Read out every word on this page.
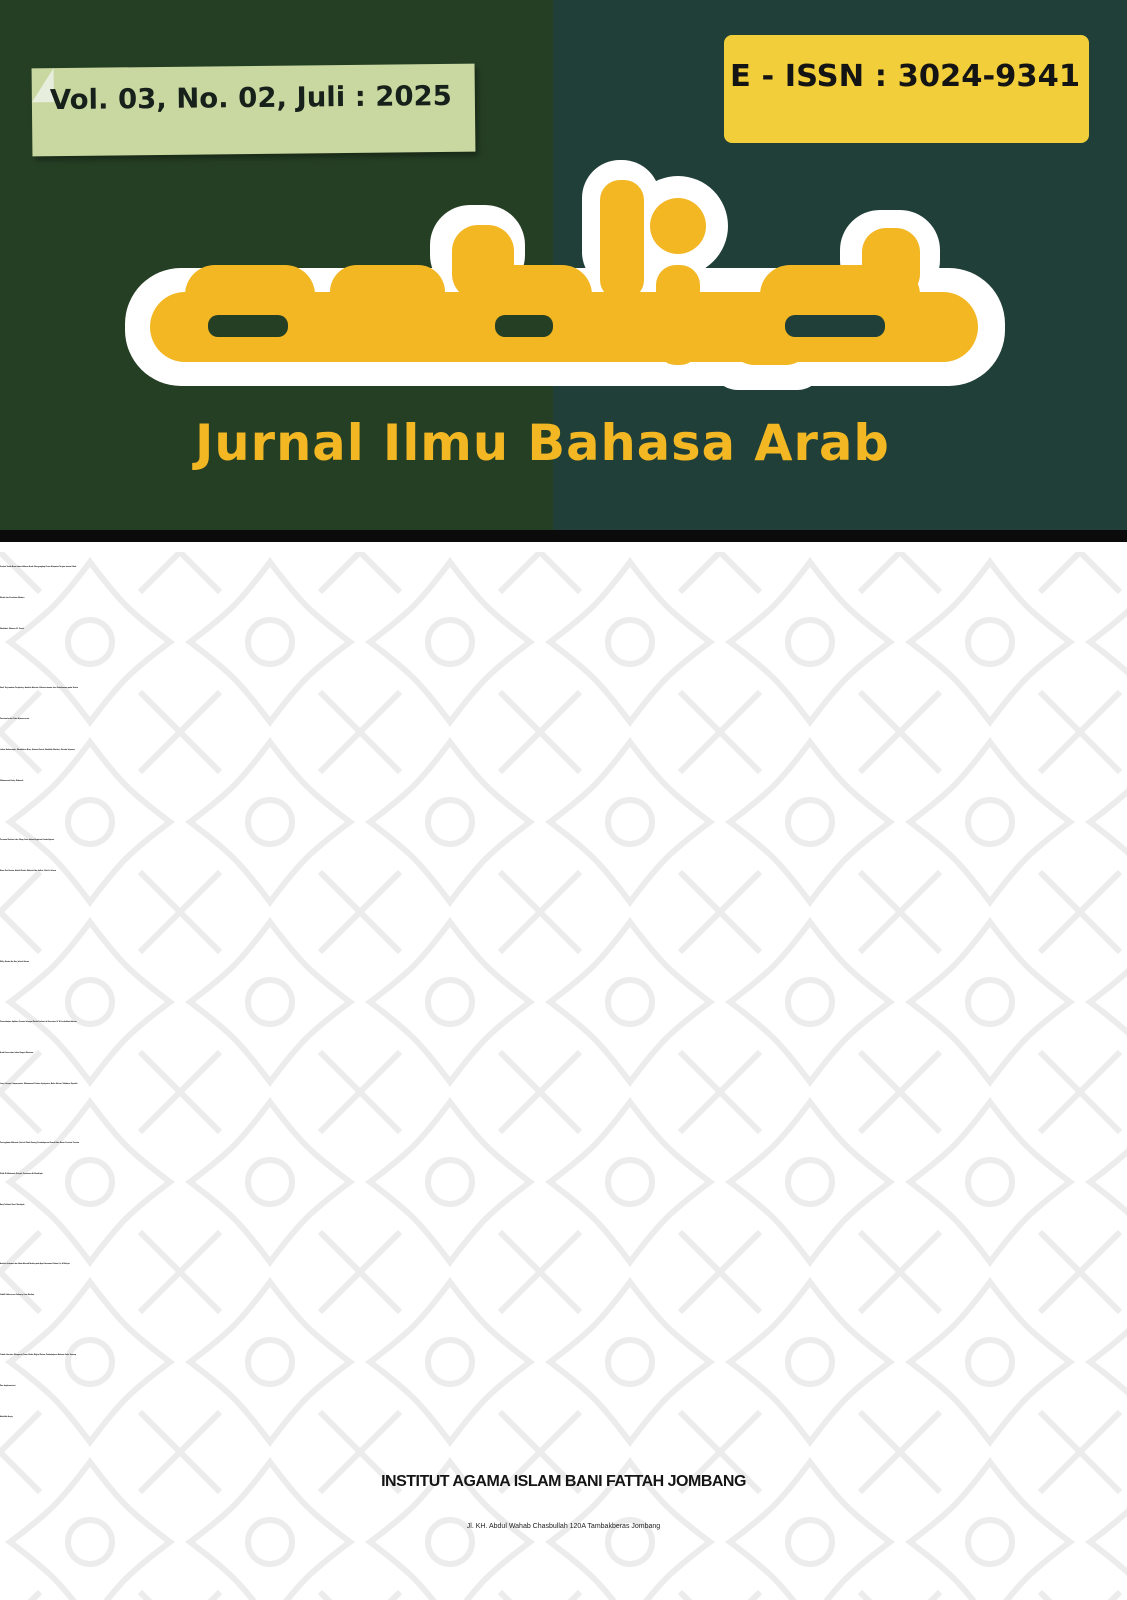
Vol. 03, No. 02, Juli : 2025
E - ISSN : 3024-9341
Jurnal Ilmu Bahasa Arab
Evolusi Tanda Baca dalam Bahasa Arab: Mengungkap Peran Alamatut Tarqim antara Kitab
Klasik dan Penulisan Modern
Maulidati, Maimun M. Yacob
Hasil Terjemahan Perplexity: Analisis Akurasi, Keberterimaan, dan Keterbacaan pada Berita
Pariwisata dari Situs Aljazeera.net
Lubna Nailannajah, Mauidlotun Nisa, Achmad Satori, Abdullah Maulani, Darsita Suparno,
Muhammad Zacky Mubarok
Peranan Motivasi dan Sikap Guru dalam Kegiatan Pembelajaran
Rima Dwi Novita, Abdul Khobir, Mahiroh Nur Safitri, Moh Eri Irfana
Rifky Rosian An Nur, Jalicah Husna
Pemanfaatan Aplikasi Quizizz Sebagai Media Evaluasi di Semester IV A Pendidikan Bahasa
Arab Universitas Islam Negeri Mataram
Leny Cahyani, Suparmanto, Muhammad Firdaus Syahputra, Naila Afriani, Tafidatuz Ziyadah
Peningkatan Maharah Qira’ah Kitab Kuning Pembelajaran Shorof Atas Dasar Prestasi Peserta
Didik Di Madrasah Diniyah Pesantren Al-Mardliyah
Baiq Tuhfatul Unsi, Mardiyah
Analisis Intonasi dan Nada Ahmad Nufais pada Ayat Ancaman Dalam Qs. Al-Adiyat
Fadhli Fakhrurrozi Furkony, Lina Marlina
Telaah Literatur Mengenai Peran Media Digital Dalam Pembelajaran Bahasa Arab: Konsep
Dan Implementasi
Abdullah Asyiq
INSTITUT AGAMA ISLAM BANI FATTAH JOMBANG
Jl. KH. Abdul Wahab Chasbullah 120A Tambakberas Jombang
